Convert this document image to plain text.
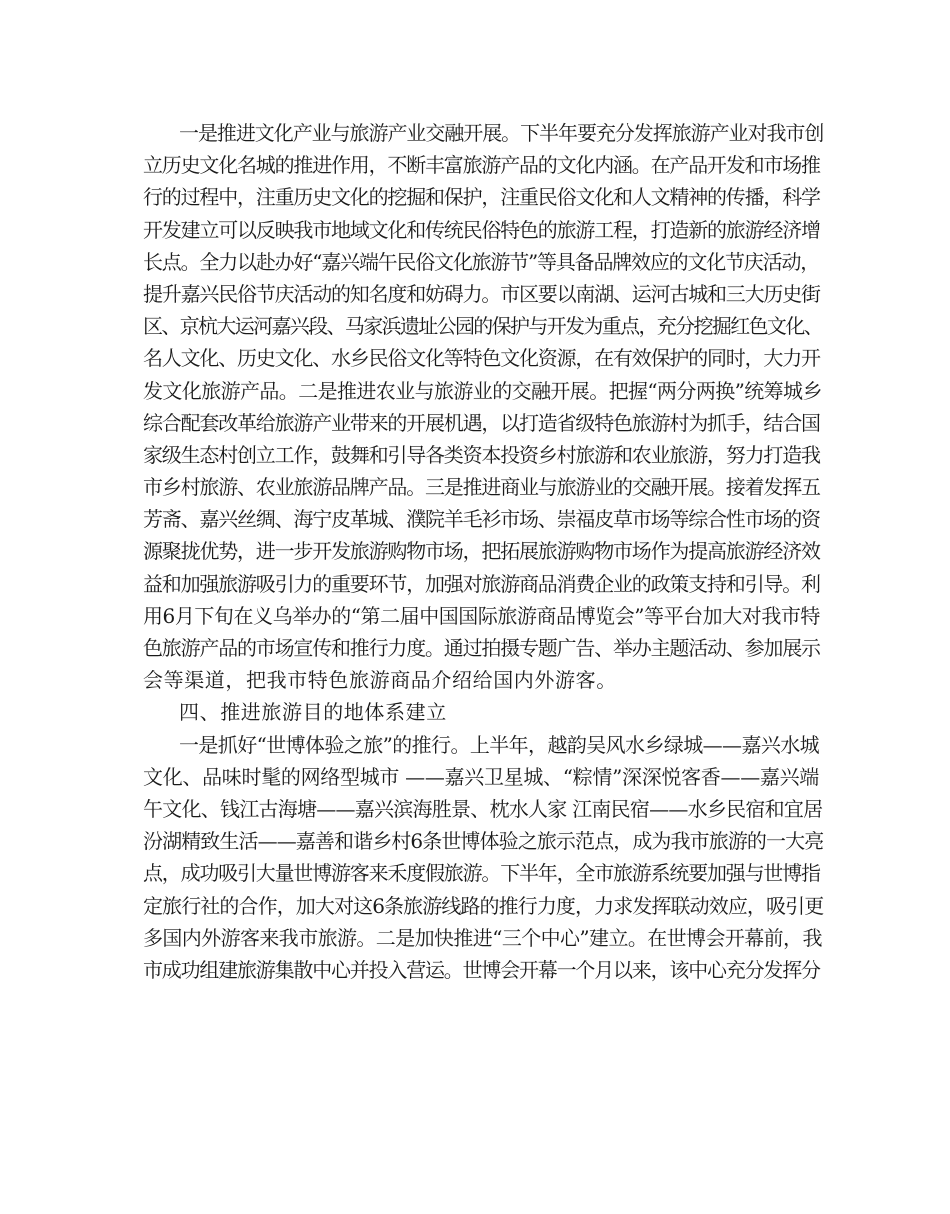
一是推进文化产业与旅游产业交融开展。下半年要充分发挥旅游产业对我市创
立历史文化名城的推进作用，不断丰富旅游产品的文化内涵。在产品开发和市场推
行的过程中，注重历史文化的挖掘和保护，注重民俗文化和人文精神的传播，科学
开发建立可以反映我市地域文化和传统民俗特色的旅游工程，打造新的旅游经济增
长点。全力以赴办好“嘉兴端午民俗文化旅游节”等具备品牌效应的文化节庆活动，
提升嘉兴民俗节庆活动的知名度和妨碍力。市区要以南湖、运河古城和三大历史街
区、京杭大运河嘉兴段、马家浜遗址公园的保护与开发为重点，充分挖掘红色文化、
名人文化、历史文化、水乡民俗文化等特色文化资源，在有效保护的同时，大力开
发文化旅游产品。二是推进农业与旅游业的交融开展。把握“两分两换”统筹城乡
综合配套改革给旅游产业带来的开展机遇，以打造省级特色旅游村为抓手，结合国
家级生态村创立工作，鼓舞和引导各类资本投资乡村旅游和农业旅游，努力打造我
市乡村旅游、农业旅游品牌产品。三是推进商业与旅游业的交融开展。接着发挥五
芳斋、嘉兴丝绸、海宁皮革城、濮院羊毛衫市场、崇福皮草市场等综合性市场的资
源聚拢优势，进一步开发旅游购物市场，把拓展旅游购物市场作为提高旅游经济效
益和加强旅游吸引力的重要环节，加强对旅游商品消费企业的政策支持和引导。利
用6月下旬在义乌举办的“第二届中国国际旅游商品博览会”等平台加大对我市特
色旅游产品的市场宣传和推行力度。通过拍摄专题广告、举办主题活动、参加展示
会等渠道，把我市特色旅游商品介绍给国内外游客。
四、推进旅游目的地体系建立
一是抓好“世博体验之旅”的推行。上半年，越韵吴风水乡绿城——嘉兴水城
文化、品味时髦的网络型城市 ——嘉兴卫星城、“粽情”深深悦客香——嘉兴端
午文化、钱江古海塘——嘉兴滨海胜景、枕水人家 江南民宿——水乡民宿和宜居
汾湖精致生活——嘉善和谐乡村6条世博体验之旅示范点，成为我市旅游的一大亮
点，成功吸引大量世博游客来禾度假旅游。下半年，全市旅游系统要加强与世博指
定旅行社的合作，加大对这6条旅游线路的推行力度，力求发挥联动效应，吸引更
多国内外游客来我市旅游。二是加快推进“三个中心”建立。在世博会开幕前，我
市成功组建旅游集散中心并投入营运。世博会开幕一个月以来，该中心充分发挥分
